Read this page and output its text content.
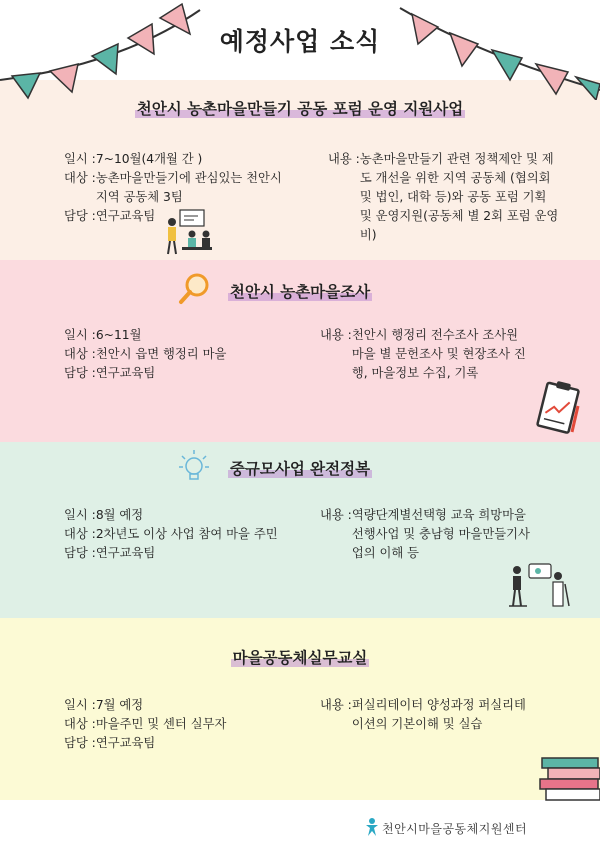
예정사업 소식
천안시 농촌마을만들기 공동 포럼 운영 지원사업
일시 : 7~10월(4개월 간 )
대상 : 농촌마을만들기에 관심있는 천안시 지역 공동체 3팀
담당 : 연구교육팀
내용 : 농촌마을만들기 관련 정책제안 및 제도 개선을 위한 지역 공동체 (협의회 및 법인, 대학 등)와 공동 포럼 기획 및 운영지원(공동체 별 2회 포럼 운영비)
천안시 농촌마을조사
일시 : 6~11월
대상 : 천안시 읍면 행정리 마을
담당 : 연구교육팀
내용 : 천안시 행정리 전수조사 조사원 마을 별 문헌조사 및 현장조사 진행, 마을정보 수집, 기록
중규모사업 완전정복
일시 : 8월 예정
대상 : 2차년도 이상 사업 참여 마을 주민
담당 : 연구교육팀
내용 : 역량단계별선택형 교육 희망마을 선행사업 및 충남형 마을만들기사업의 이해 등
마을공동체실무교실
일시 : 7월 예정
대상 : 마을주민 및 센터 실무자
담당 : 연구교육팀
내용 : 퍼실리테이터 양성과정 퍼실리테이션의 기본이해 및 실습
천안시마을공동체지원센터
